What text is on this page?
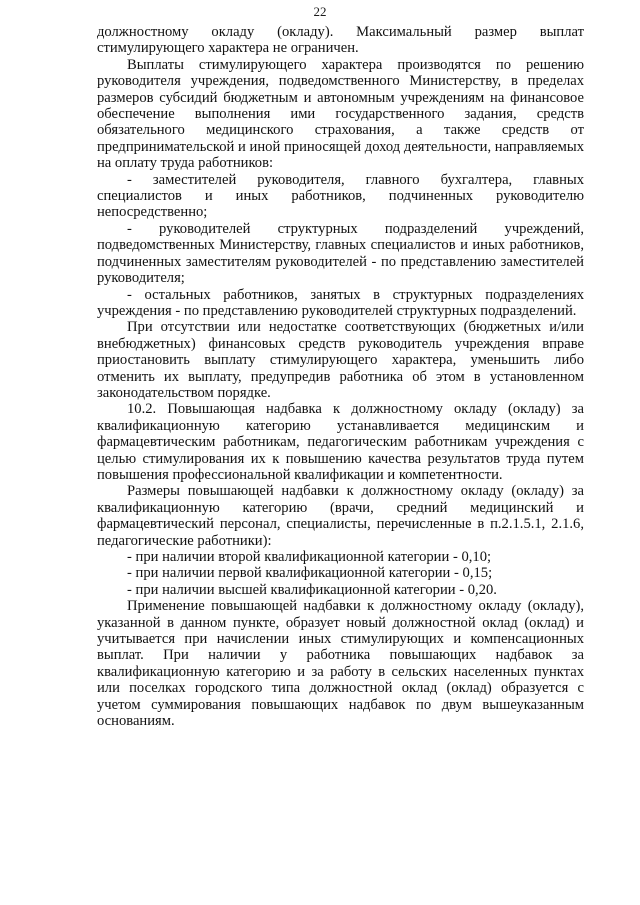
22

должностному окладу (окладу). Максимальный размер выплат стимулирующего характера не ограничен.

Выплаты стимулирующего характера производятся по решению руководителя учреждения, подведомственного Министерству, в пределах размеров субсидий бюджетным и автономным учреждениям на финансовое обеспечение выполнения ими государственного задания, средств обязательного медицинского страхования, а также средств от предпринимательской и иной приносящей доход деятельности, направляемых на оплату труда работников:

- заместителей руководителя, главного бухгалтера, главных специалистов и иных работников, подчиненных руководителю непосредственно;

- руководителей структурных подразделений учреждений, подведомственных Министерству, главных специалистов и иных работников, подчиненных заместителям руководителей - по представлению заместителей руководителя;

- остальных работников, занятых в структурных подразделениях учреждения - по представлению руководителей структурных подразделений.

При отсутствии или недостатке соответствующих (бюджетных и/или внебюджетных) финансовых средств руководитель учреждения вправе приостановить выплату стимулирующего характера, уменьшить либо отменить их выплату, предупредив работника об этом в установленном законодательством порядке.

10.2. Повышающая надбавка к должностному окладу (окладу) за квалификационную категорию устанавливается медицинским и фармацевтическим работникам, педагогическим работникам учреждения с целью стимулирования их к повышению качества результатов труда путем повышения профессиональной квалификации и компетентности.

Размеры повышающей надбавки к должностному окладу (окладу) за квалификационную категорию (врачи, средний медицинский и фармацевтический персонал, специалисты, перечисленные в п.2.1.5.1, 2.1.6, педагогические работники):

- при наличии второй квалификационной категории - 0,10;

- при наличии первой квалификационной категории - 0,15;

- при наличии высшей квалификационной категории - 0,20.

Применение повышающей надбавки к должностному окладу (окладу), указанной в данном пункте, образует новый должностной оклад (оклад) и учитывается при начислении иных стимулирующих и компенсационных выплат. При наличии у работника повышающих надбавок за квалификационную категорию и за работу в сельских населенных пунктах или поселках городского типа должностной оклад (оклад) образуется с учетом суммирования повышающих надбавок по двум вышеуказанным основаниям.
